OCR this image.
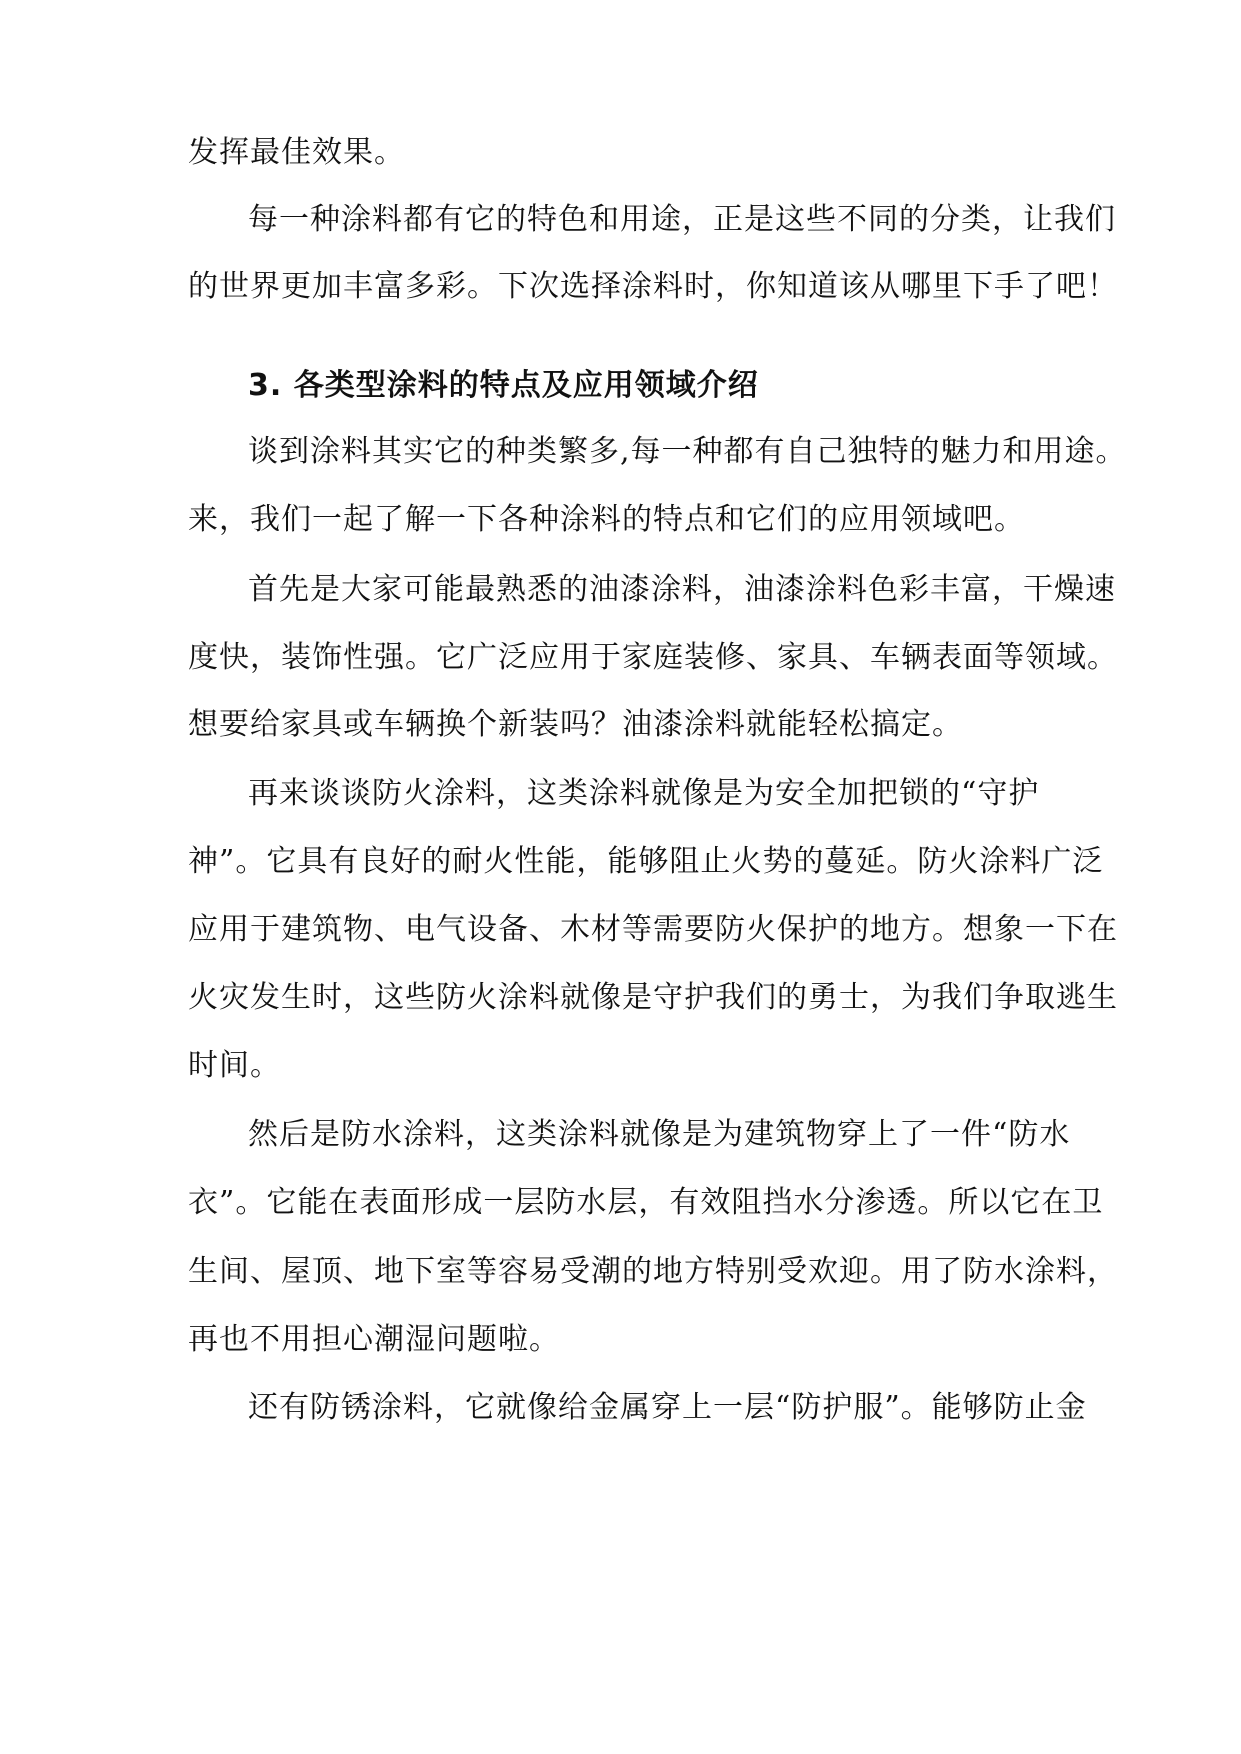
发挥最佳效果。
每一种涂料都有它的特色和用途，正是这些不同的分类，让我们
的世界更加丰富多彩。下次选择涂料时，你知道该从哪里下手了吧！
3. 各类型涂料的特点及应用领域介绍
谈到涂料其实它的种类繁多,每一种都有自己独特的魅力和用途。
来，我们一起了解一下各种涂料的特点和它们的应用领域吧。
首先是大家可能最熟悉的油漆涂料，油漆涂料色彩丰富，干燥速
度快，装饰性强。它广泛应用于家庭装修、家具、车辆表面等领域。
想要给家具或车辆换个新装吗？油漆涂料就能轻松搞定。
再来谈谈防火涂料，这类涂料就像是为安全加把锁的“守护
神”。它具有良好的耐火性能，能够阻止火势的蔓延。防火涂料广泛
应用于建筑物、电气设备、木材等需要防火保护的地方。想象一下在
火灾发生时，这些防火涂料就像是守护我们的勇士，为我们争取逃生
时间。
然后是防水涂料，这类涂料就像是为建筑物穿上了一件“防水
衣”。它能在表面形成一层防水层，有效阻挡水分渗透。所以它在卫
生间、屋顶、地下室等容易受潮的地方特别受欢迎。用了防水涂料，
再也不用担心潮湿问题啦。
还有防锈涂料，它就像给金属穿上一层“防护服”。能够防止金
